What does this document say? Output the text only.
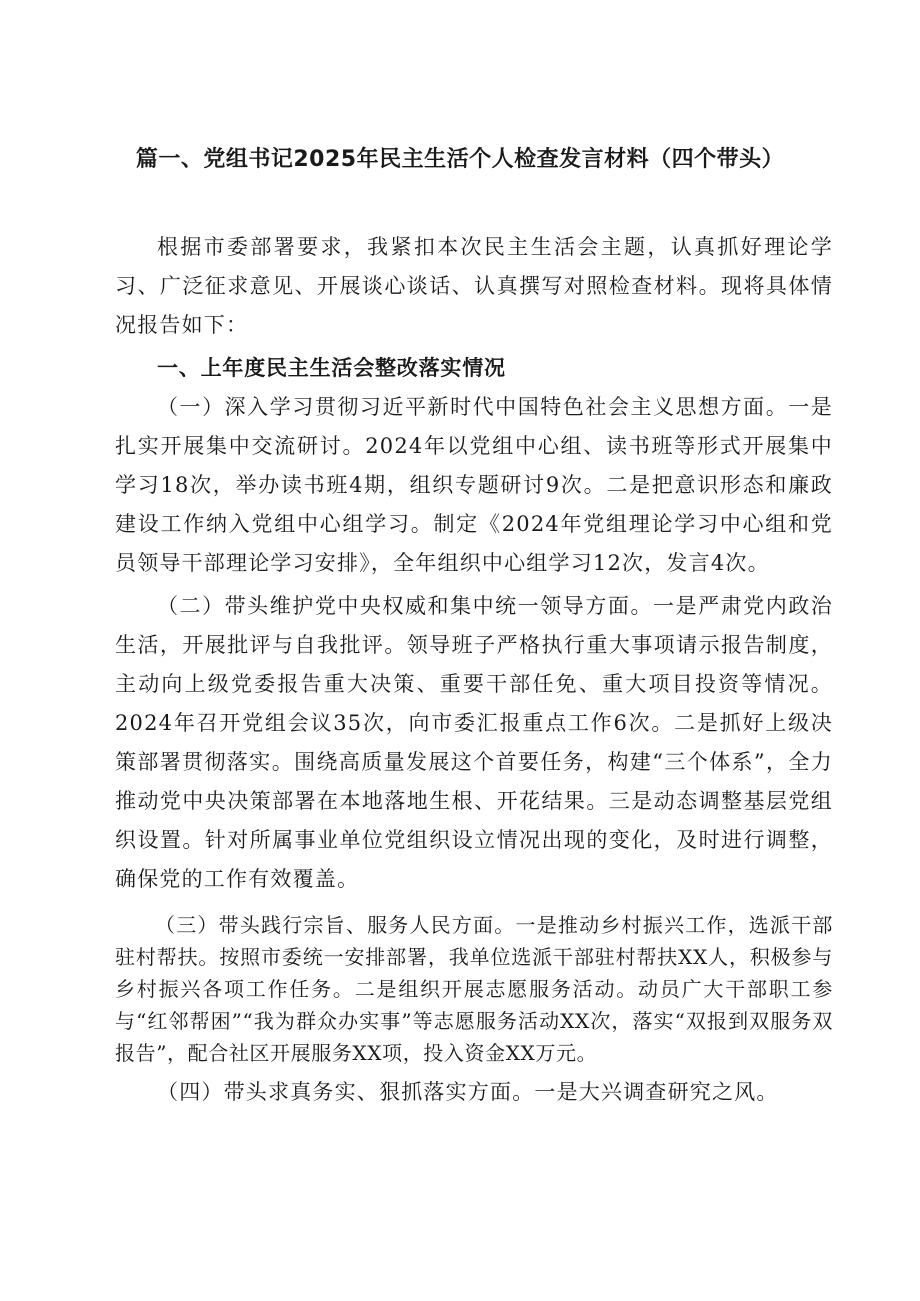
篇一、党组书记2025年民主生活个人检查发言材料（四个带头）

根据市委部署要求，我紧扣本次民主生活会主题，认真抓好理论学习、广泛征求意见、开展谈心谈话、认真撰写对照检查材料。现将具体情况报告如下：

一、上年度民主生活会整改落实情况

（一）深入学习贯彻习近平新时代中国特色社会主义思想方面。一是扎实开展集中交流研讨。2024年以党组中心组、读书班等形式开展集中学习18次，举办读书班4期，组织专题研讨9次。二是把意识形态和廉政建设工作纳入党组中心组学习。制定《2024年党组理论学习中心组和党员领导干部理论学习安排》，全年组织中心组学习12次，发言4次。

（二）带头维护党中央权威和集中统一领导方面。一是严肃党内政治生活，开展批评与自我批评。领导班子严格执行重大事项请示报告制度，主动向上级党委报告重大决策、重要干部任免、重大项目投资等情况。2024年召开党组会议35次，向市委汇报重点工作6次。二是抓好上级决策部署贯彻落实。围绕高质量发展这个首要任务，构建“三个体系”，全力推动党中央决策部署在本地落地生根、开花结果。三是动态调整基层党组织设置。针对所属事业单位党组织设立情况出现的变化，及时进行调整，确保党的工作有效覆盖。

（三）带头践行宗旨、服务人民方面。一是推动乡村振兴工作，选派干部驻村帮扶。按照市委统一安排部署，我单位选派干部驻村帮扶XX人，积极参与乡村振兴各项工作任务。二是组织开展志愿服务活动。动员广大干部职工参与“红邻帮困”“我为群众办实事”等志愿服务活动XX次，落实“双报到双服务双报告”，配合社区开展服务XX项，投入资金XX万元。

（四）带头求真务实、狠抓落实方面。一是大兴调查研究之风。
